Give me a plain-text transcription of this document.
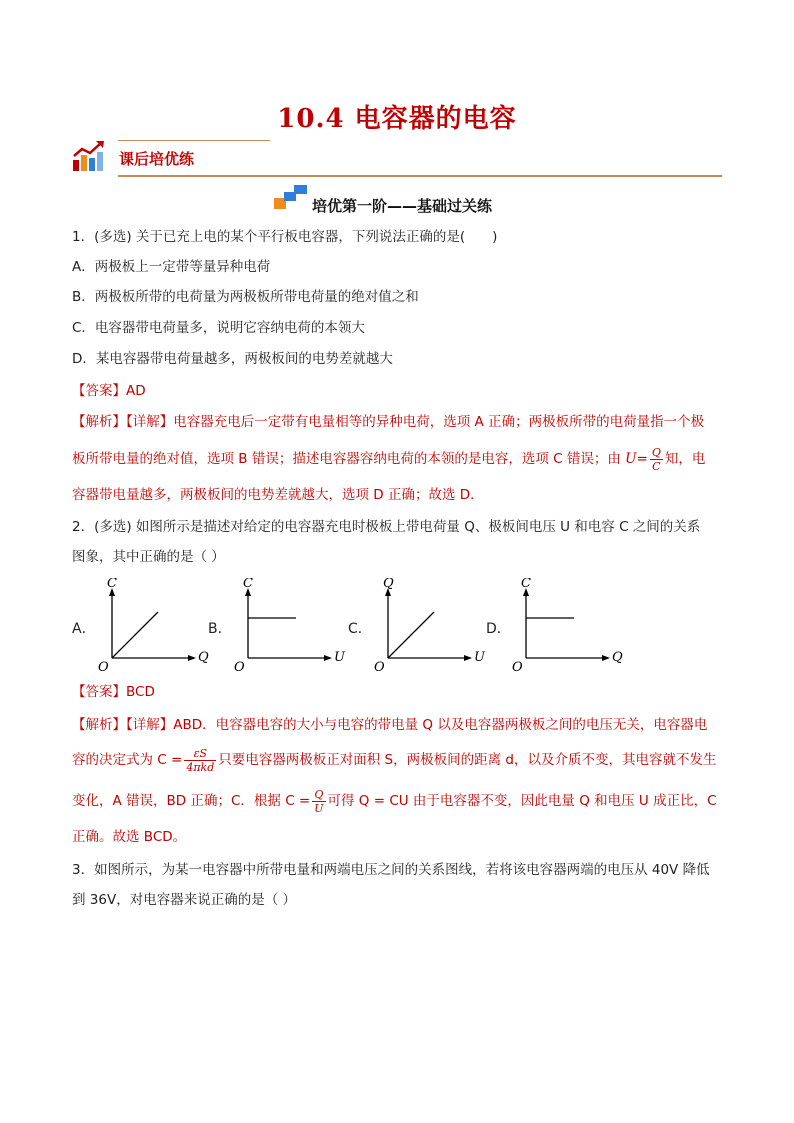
10.4 电容器的电容
课后培优练
培优第一阶——基础过关练

1．(多选) 关于已充上电的某个平行板电容器，下列说法正确的是(　　)

A．两极板上一定带等量异种电荷

B．两极板所带的电荷量为两极板所带电荷量的绝对值之和

C．电容器带电荷量多，说明它容纳电荷的本领大

D．某电容器带电荷量越多，两极板间的电势差就越大

【答案】AD

【解析】【详解】电容器充电后一定带有电量相等的异种电荷，选项 A 正确；两极板所带的电荷量指一个极

板所带电量的绝对值，选项 B 错误；描述电容器容纳电荷的本领的是电容，选项 C 错误；由 $U= \frac{Q}{C}$ 知，电

容器带电量越多，两极板间的电势差就越大，选项 D 正确；故选 D．

2．(多选) 如图所示是描述对给定的电容器充电时极板上带电荷量 Q、极板间电压 U 和电容 C 之间的关系

图象，其中正确的是（ ）

A．
C
Q
O
B．
C
U
O
C．
Q
U
O
D．
C
Q
O

【答案】BCD

【解析】【详解】ABD．电容器电容的大小与电容的带电量 Q 以及电容器两极板之间的电压无关，电容器电

容的决定式为 $C = \frac{\varepsilon S}{\text{4πkd}}$ 只要电容器两极板正对面积 S，两极板间的距离 d，以及介质不变，其电容就不发生

变化，A 错误，BD 正确；C．根据 $C = \frac{Q}{U}$ 可得 Q = CU 由于电容器不变，因此电量 Q 和电压 U 成正比，C

正确。故选 BCD。

3．如图所示，为某一电容器中所带电量和两端电压之间的关系图线，若将该电容器两端的电压从 40V 降低

到 36V，对电容器来说正确的是（ ）
